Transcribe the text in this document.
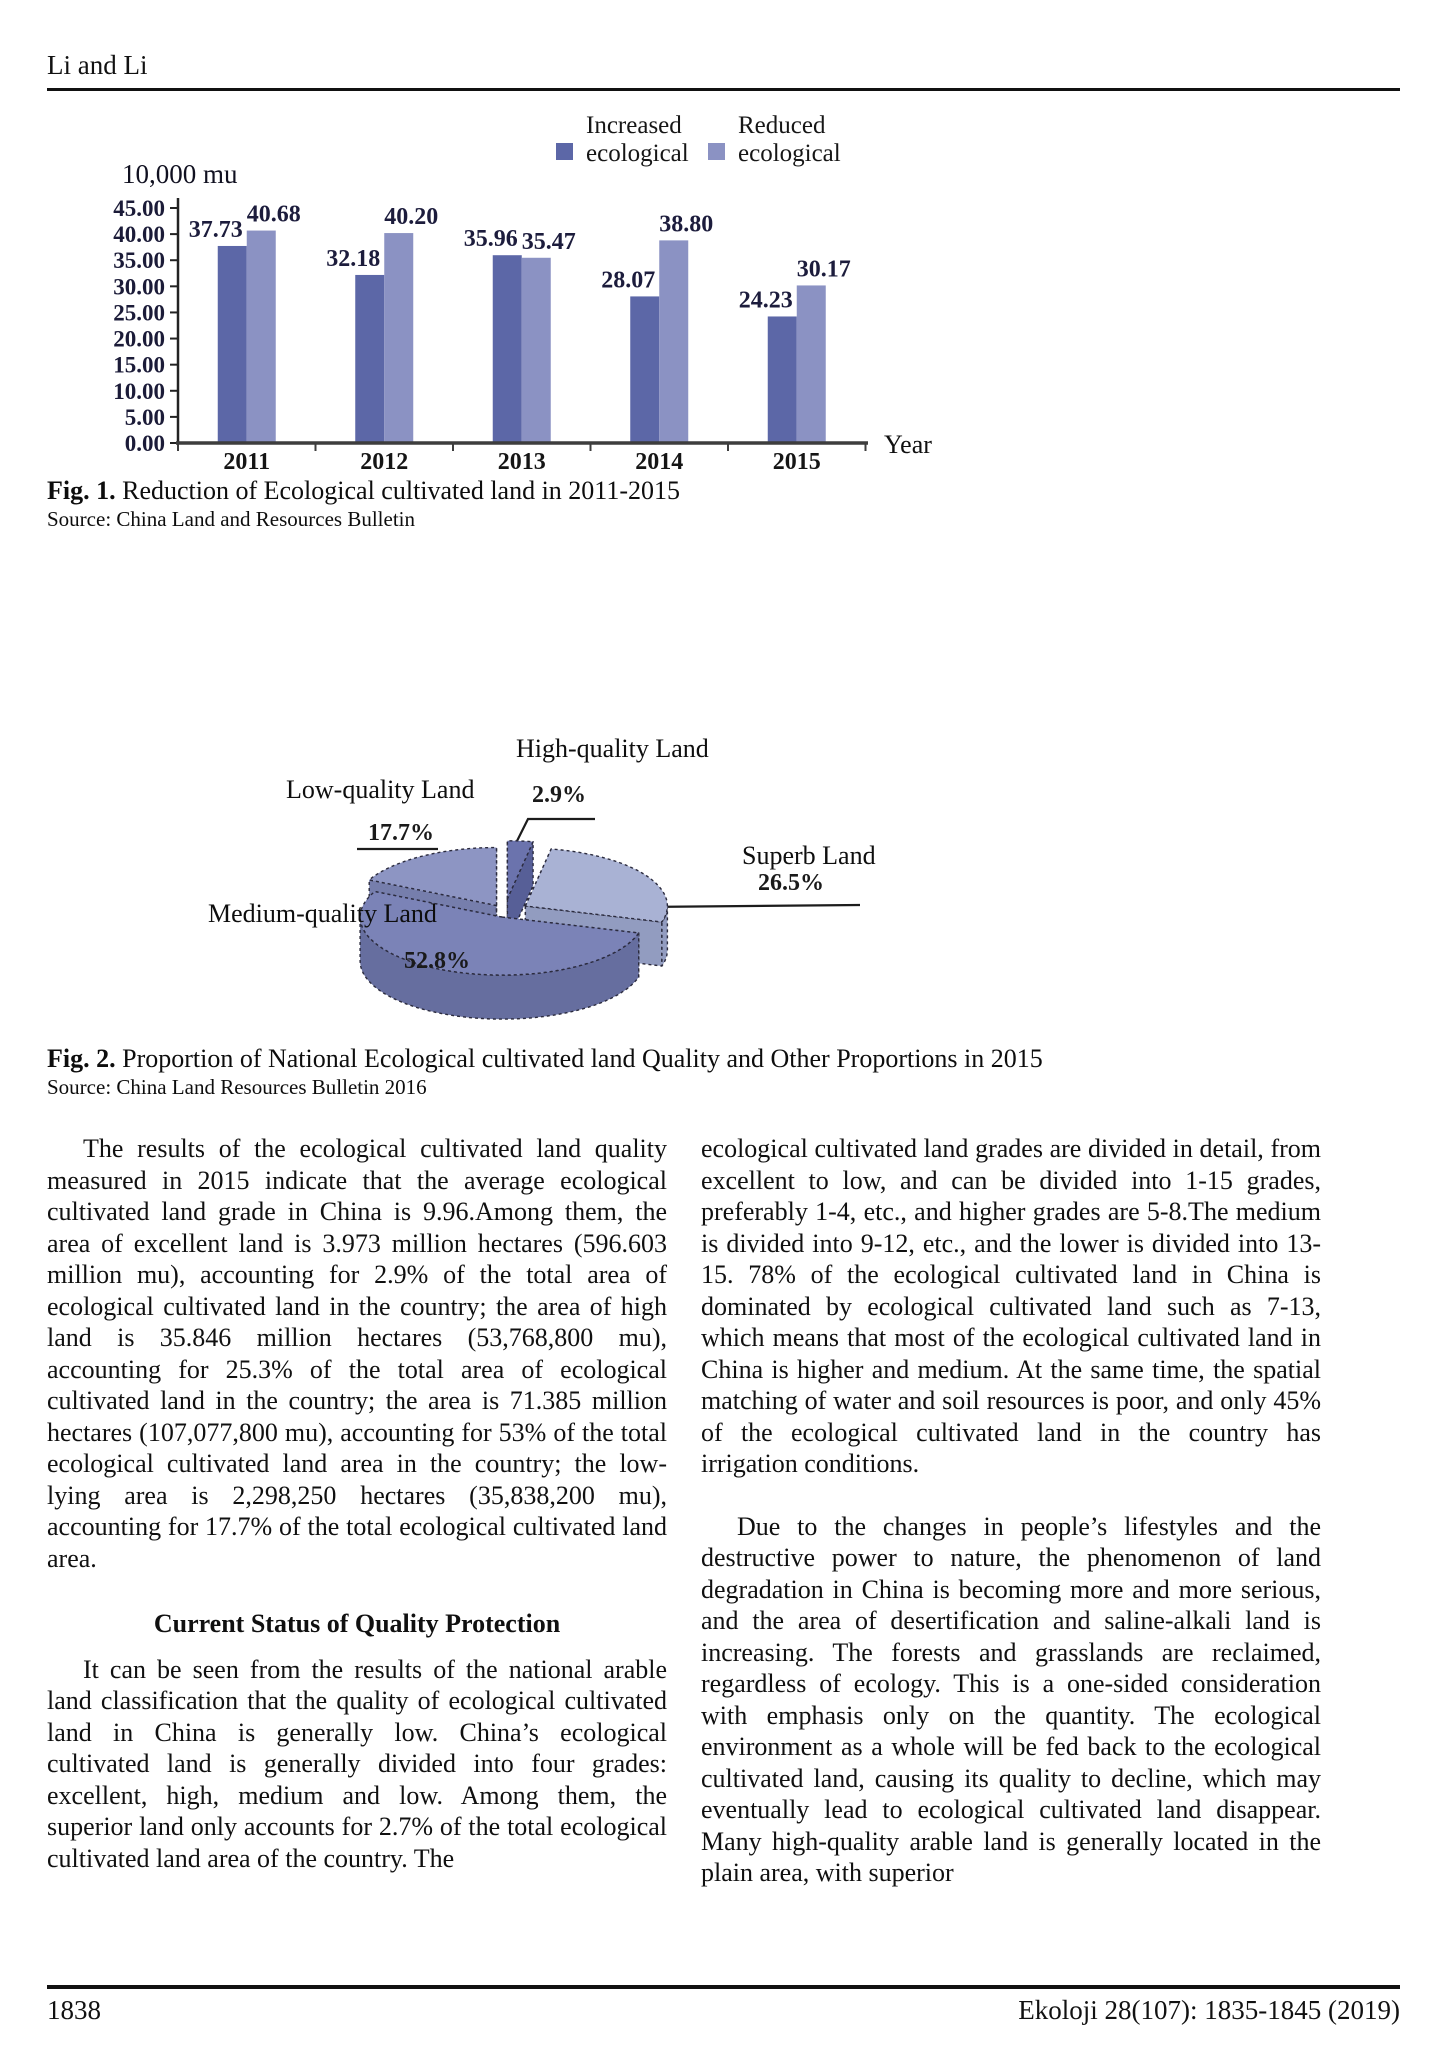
Li and Li
10,000 mu
0.00
5.00
10.00
15.00
20.00
25.00
30.00
35.00
40.00
45.00
37.73
40.68
2011
32.18
40.20
2012
35.96 35.47
2013
28.07
38.80
2014
24.23
30.17
2015
Year
Increased ecological
Reduced ecological
Fig. 1. Reduction of Ecological cultivated land in 2011-2015
Source: China Land and Resources Bulletin
High-quality Land
2.9%
Low-quality Land
17.7%
Superb Land
26.5%
Medium-quality Land
52.8%
Fig. 2. Proportion of National Ecological cultivated land Quality and Other Proportions in 2015
Source: China Land Resources Bulletin 2016

The results of the ecological cultivated land quality measured in 2015 indicate that the average ecological cultivated land grade in China is 9.96.Among them, the area of excellent land is 3.973 million hectares (596.603 million mu), accounting for 2.9% of the total area of ecological cultivated land in the country; the area of high land is 35.846 million hectares (53,768,800 mu), accounting for 25.3% of the total area of ecological cultivated land in the country; the area is 71.385 million hectares (107,077,800 mu), accounting for 53% of the total ecological cultivated land area in the country; the low-lying area is 2,298,250 hectares (35,838,200 mu), accounting for 17.7% of the total ecological cultivated land area.

Current Status of Quality Protection

It can be seen from the results of the national arable land classification that the quality of ecological cultivated land in China is generally low. China’s ecological cultivated land is generally divided into four grades: excellent, high, medium and low. Among them, the superior land only accounts for 2.7% of the total ecological cultivated land area of the country. The

ecological cultivated land grades are divided in detail, from excellent to low, and can be divided into 1-15 grades, preferably 1-4, etc., and higher grades are 5-8.The medium is divided into 9-12, etc., and the lower is divided into 13-15. 78% of the ecological cultivated land in China is dominated by ecological cultivated land such as 7-13, which means that most of the ecological cultivated land in China is higher and medium. At the same time, the spatial matching of water and soil resources is poor, and only 45% of the ecological cultivated land in the country has irrigation conditions.

Due to the changes in people’s lifestyles and the destructive power to nature, the phenomenon of land degradation in China is becoming more and more serious, and the area of desertification and saline-alkali land is increasing. The forests and grasslands are reclaimed, regardless of ecology. This is a one-sided consideration with emphasis only on the quantity. The ecological environment as a whole will be fed back to the ecological cultivated land, causing its quality to decline, which may eventually lead to ecological cultivated land disappear. Many high-quality arable land is generally located in the plain area, with superior

1838	Ekoloji 28(107): 1835-1845 (2019)
